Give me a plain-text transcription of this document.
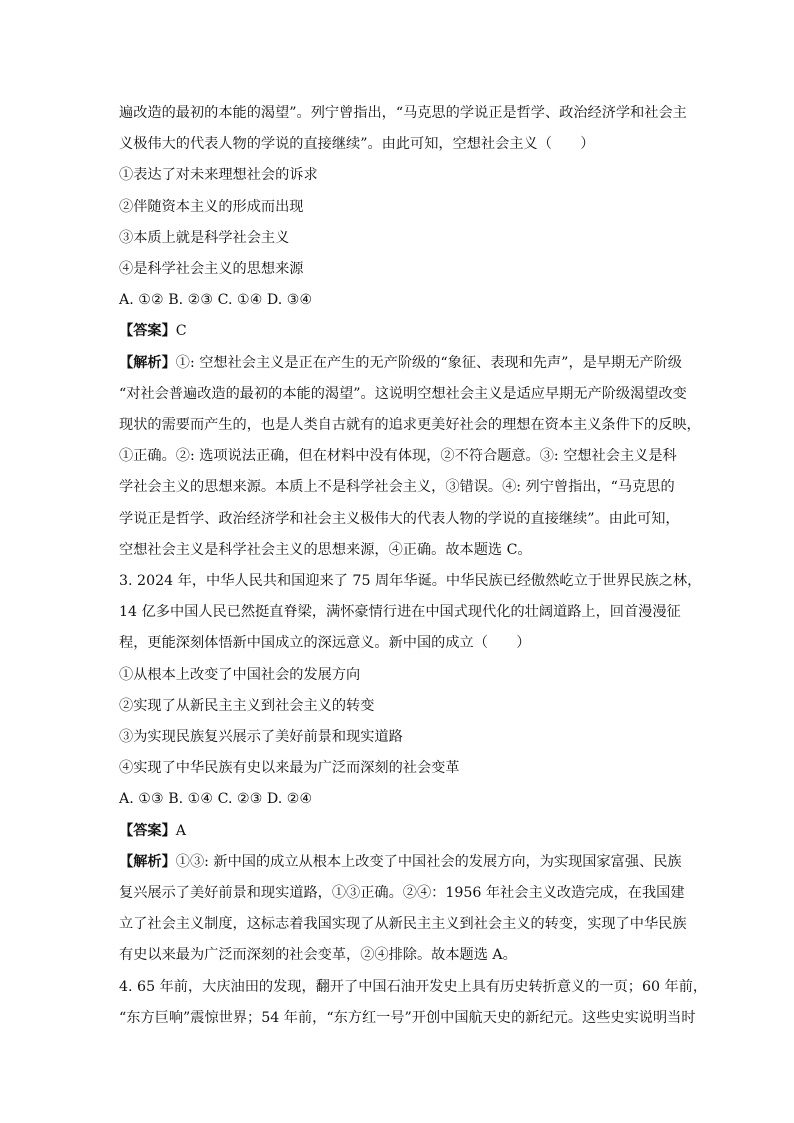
遍改造的最初的本能的渴望”。列宁曾指出，“马克思的学说正是哲学、政治经济学和社会主
义极伟大的代表人物的学说的直接继续”。由此可知，空想社会主义（　　）
①表达了对未来理想社会的诉求
②伴随资本主义的形成而出现
③本质上就是科学社会主义
④是科学社会主义的思想来源
A. ①② B. ②③ C. ①④ D. ③④
【答案】C
【解析】①: 空想社会主义是正在产生的无产阶级的“象征、表现和先声”，是早期无产阶级
“对社会普遍改造的最初的本能的渴望”。这说明空想社会主义是适应早期无产阶级渴望改变
现状的需要而产生的，也是人类自古就有的追求更美好社会的理想在资本主义条件下的反映，
①正确。②: 选项说法正确，但在材料中没有体现，②不符合题意。③: 空想社会主义是科
学社会主义的思想来源。本质上不是科学社会主义，③错误。④: 列宁曾指出，“马克思的
学说正是哲学、政治经济学和社会主义极伟大的代表人物的学说的直接继续”。由此可知，
空想社会主义是科学社会主义的思想来源，④正确。故本题选 C。
3. 2024 年，中华人民共和国迎来了 75 周年华诞。中华民族已经傲然屹立于世界民族之林，
14 亿多中国人民已然挺直脊梁，满怀豪情行进在中国式现代化的壮阔道路上，回首漫漫征
程，更能深刻体悟新中国成立的深远意义。新中国的成立（　　）
①从根本上改变了中国社会的发展方向
②实现了从新民主主义到社会主义的转变
③为实现民族复兴展示了美好前景和现实道路
④实现了中华民族有史以来最为广泛而深刻的社会变革
A. ①③ B. ①④ C. ②③ D. ②④
【答案】A
【解析】①③: 新中国的成立从根本上改变了中国社会的发展方向，为实现国家富强、民族
复兴展示了美好前景和现实道路，①③正确。②④：1956 年社会主义改造完成，在我国建
立了社会主义制度，这标志着我国实现了从新民主主义到社会主义的转变，实现了中华民族
有史以来最为广泛而深刻的社会变革，②④排除。故本题选 A。
4. 65 年前，大庆油田的发现，翻开了中国石油开发史上具有历史转折意义的一页；60 年前，
“东方巨响”震惊世界；54 年前，“东方红一号”开创中国航天史的新纪元。这些史实说明当时
